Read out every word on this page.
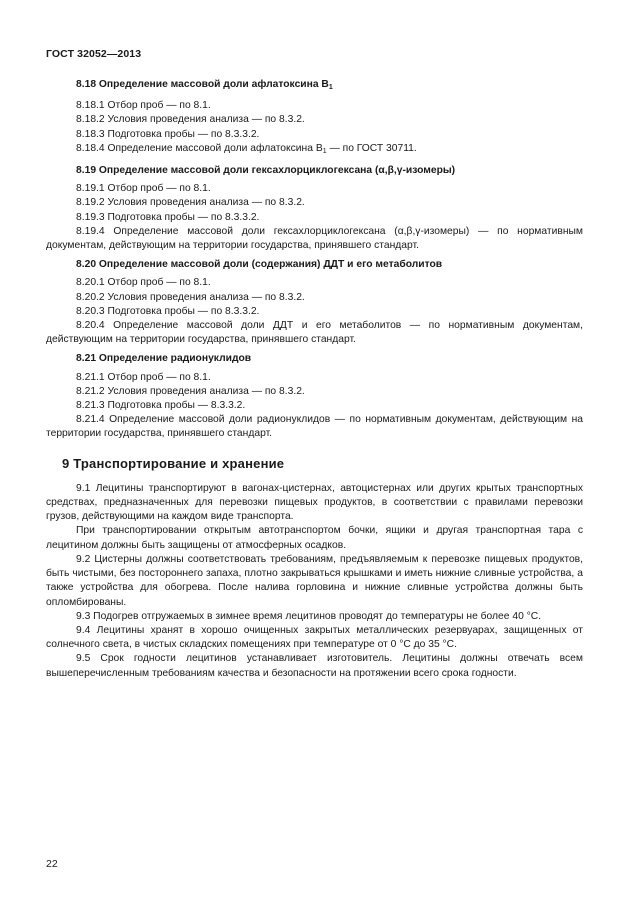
ГОСТ 32052—2013
8.18 Определение массовой доли афлатоксина $B_1$

8.18.1 Отбор проб — по 8.1.

8.18.2 Условия проведения анализа — по 8.3.2.

8.18.3 Подготовка пробы — по 8.3.3.2.

8.18.4 Определение массовой доли афлатоксина $B_1$ — по ГОСТ 30711.

8.19 Определение массовой доли гексахлорциклогексана (α,β,γ-изомеры)

8.19.1 Отбор проб — по 8.1.

8.19.2 Условия проведения анализа — по 8.3.2.

8.19.3 Подготовка пробы — по 8.3.3.2.

8.19.4 Определение массовой доли гексахлорциклогексана (α,β,γ-изомеры) — по нормативным документам, действующим на территории государства, принявшего стандарт.

8.20 Определение массовой доли (содержания) ДДТ и его метаболитов

8.20.1 Отбор проб — по 8.1.

8.20.2 Условия проведения анализа — по 8.3.2.

8.20.3 Подготовка пробы — по 8.3.3.2.

8.20.4 Определение массовой доли ДДТ и его метаболитов — по нормативным документам, действующим на территории государства, принявшего стандарт.

8.21 Определение радионуклидов

8.21.1 Отбор проб — по 8.1.

8.21.2 Условия проведения анализа — по 8.3.2.

8.21.3 Подготовка пробы — 8.3.3.2.

8.21.4 Определение массовой доли радионуклидов — по нормативным документам, действующим на территории государства, принявшего стандарт.

9 Транспортирование и хранение

9.1 Лецитины транспортируют в вагонах-цистернах, автоцистернах или других крытых транспортных средствах, предназначенных для перевозки пищевых продуктов, в соответствии с правилами перевозки грузов, действующими на каждом виде транспорта.

При транспортировании открытым автотранспортом бочки, ящики и другая транспортная тара с лецитином должны быть защищены от атмосферных осадков.

9.2 Цистерны должны соответствовать требованиям, предъявляемым к перевозке пищевых продуктов, быть чистыми, без постороннего запаха, плотно закрываться крышками и иметь нижние сливные устройства, а также устройства для обогрева. После налива горловина и нижние сливные устройства должны быть опломбированы.

9.3 Подогрев отгружаемых в зимнее время лецитинов проводят до температуры не более 40 °С.

9.4 Лецитины хранят в хорошо очищенных закрытых металлических резервуарах, защищенных от солнечного света, в чистых складских помещениях при температуре от 0 °С до 35 °С.

9.5 Срок годности лецитинов устанавливает изготовитель. Лецитины должны отвечать всем вышеперечисленным требованиям качества и безопасности на протяжении всего срока годности.

22
